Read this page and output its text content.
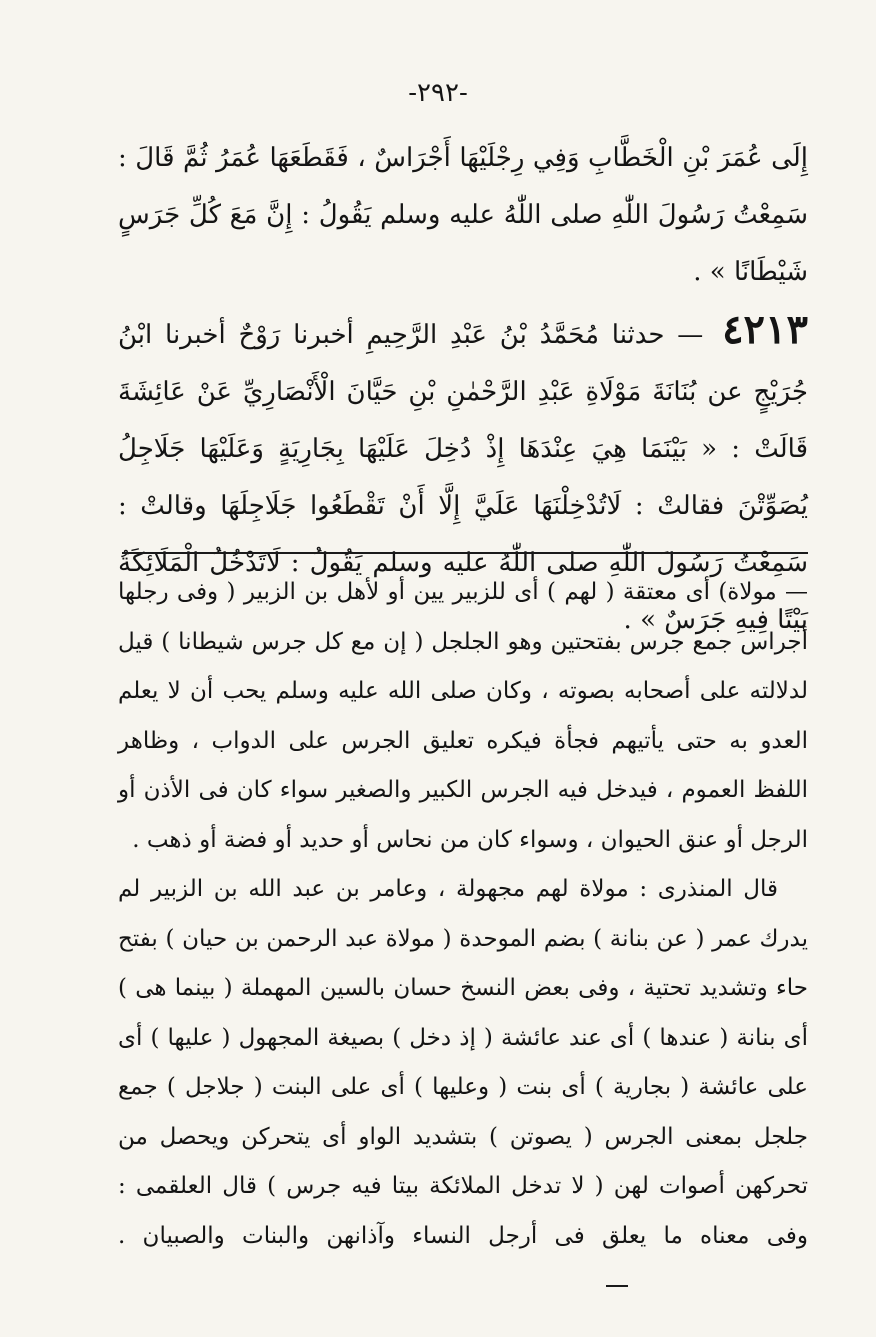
-٢٩٢-

إِلَى عُمَرَ بْنِ الْخَطَّابِ وَفِي رِجْلَيْهَا أَجْرَاسٌ ، فَقَطَعَهَا عُمَرُ ثُمَّ قَالَ : سَمِعْتُ رَسُولَ اللّٰهِ صلى اللّٰهُ عليه وسلم يَقُولُ : إِنَّ مَعَ كُلِّ جَرَسٍ شَيْطَانًا » .

٤٢١٣ — حدثنا مُحَمَّدُ بْنُ عَبْدِ الرَّحِيمِ أخبرنا رَوْحٌ أخبرنا ابْنُ جُرَيْجٍ عن بُنَانَةَ مَوْلَاةِ عَبْدِ الرَّحْمٰنِ بْنِ حَيَّانَ الْأَنْصَارِيِّ عَنْ عَائِشَةَ قَالَتْ : « بَيْنَمَا هِيَ عِنْدَهَا إِذْ دُخِلَ عَلَيْهَا بِجَارِيَةٍ وَعَلَيْهَا جَلَاجِلُ يُصَوِّتْنَ فقالتْ : لَاتُدْخِلْنَهَا عَلَيَّ إِلَّا أَنْ تَقْطَعُوا جَلَاجِلَهَا وقالتْ : سَمِعْتُ رَسُولَ اللّٰهِ صلى اللّٰهُ عليه وسلم يَقُولُ : لَاتَدْخُلُ الْمَلَائِكَةُ بَيْتًا فِيهِ جَرَسٌ » .

— مولاة) أى معتقة ( لهم ) أى للزبير يين أو لأهل بن الزبير ( وفى رجلها أجراس جمع جرس بفتحتين وهو الجلجل ( إن مع كل جرس شيطانا ) قيل لدلالته على أصحابه بصوته ، وكان صلى الله عليه وسلم يحب أن لا يعلم العدو به حتى يأتيهم فجأة فيكره تعليق الجرس على الدواب ، وظاهر اللفظ العموم ، فيدخل فيه الجرس الكبير والصغير سواء كان فى الأذن أو الرجل أو عنق الحيوان ، وسواء كان من نحاس أو حديد أو فضة أو ذهب .

قال المنذرى : مولاة لهم مجهولة ، وعامر بن عبد الله بن الزبير لم يدرك عمر ( عن بنانة ) بضم الموحدة ( مولاة عبد الرحمن بن حيان ) بفتح حاء وتشديد تحتية ، وفى بعض النسخ حسان بالسين المهملة ( بينما هى ) أى بنانة ( عندها ) أى عند عائشة ( إذ دخل ) بصيغة المجهول ( عليها ) أى على عائشة ( بجارية ) أى بنت ( وعليها ) أى على البنت ( جلاجل ) جمع جلجل بمعنى الجرس ( يصوتن ) بتشديد الواو أى يتحركن ويحصل من تحركهن أصوات لهن ( لا تدخل الملائكة بيتا فيه جرس ) قال العلقمى : وفى معناه ما يعلق فى أرجل النساء وآذانهن والبنات والصبيان .
